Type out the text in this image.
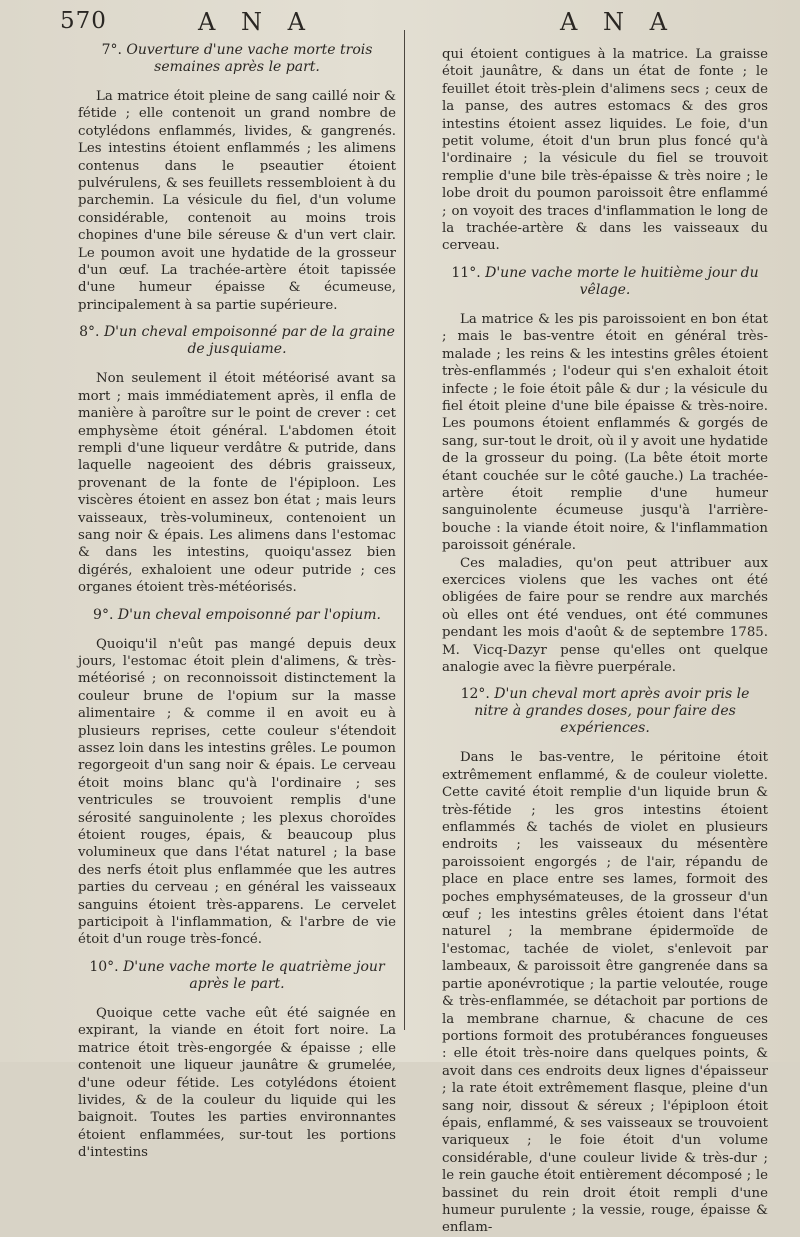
570	A N A	A N A
7°. Ouverture d'une vache morte trois semaines après le part.

La matrice étoit pleine de sang caillé noir & fétide ; elle contenoit un grand nombre de cotylédons enflammés, livides, & gangrenés. Les intestins étoient enflammés ; les alimens contenus dans le pseautier étoient pulvérulens, & ses feuillets ressembloient à du parchemin. La vésicule du fiel, d'un volume considérable, contenoit au moins trois chopines d'une bile séreuse & d'un vert clair. Le poumon avoit une hydatide de la grosseur d'un œuf. La trachée-artère étoit tapissée d'une humeur épaisse & écumeuse, principalement à sa partie supérieure.

8°. D'un cheval empoisonné par de la graine de jusquiame.

Non seulement il étoit météorisé avant sa mort ; mais immédiatement après, il enfla de manière à paroître sur le point de crever : cet emphysème étoit général. L'abdomen étoit rempli d'une liqueur verdâtre & putride, dans laquelle nageoient des débris graisseux, provenant de la fonte de l'épiploon. Les viscères étoient en assez bon état ; mais leurs vaisseaux, très-volumineux, contenoient un sang noir & épais. Les alimens dans l'estomac & dans les intestins, quoiqu'assez bien digérés, exhaloient une odeur putride ; ces organes étoient très-météorisés.

9°. D'un cheval empoisonné par l'opium.

Quoiqu'il n'eût pas mangé depuis deux jours, l'estomac étoit plein d'alimens, & très-météorisé ; on reconnoissoit distinctement la couleur brune de l'opium sur la masse alimentaire ; & comme il en avoit eu à plusieurs reprises, cette couleur s'étendoit assez loin dans les intestins grêles. Le poumon regorgeoit d'un sang noir & épais. Le cerveau étoit moins blanc qu'à l'ordinaire ; ses ventricules se trouvoient remplis d'une sérosité sanguinolente ; les plexus choroïdes étoient rouges, épais, & beaucoup plus volumineux que dans l'état naturel ; la base des nerfs étoit plus enflammée que les autres parties du cerveau ; en général les vaisseaux sanguins étoient très-apparens. Le cervelet participoit à l'inflammation, & l'arbre de vie étoit d'un rouge très-foncé.

10°. D'une vache morte le quatrième jour après le part.

Quoique cette vache eût été saignée en expirant, la viande en étoit fort noire. La matrice étoit très-engorgée & épaisse ; elle contenoit une liqueur jaunâtre & grumelée, d'une odeur fétide. Les cotylédons étoient livides, & de la couleur du liquide qui les baignoit. Toutes les parties environnantes étoient enflammées, sur-tout les portions d'intestins

qui étoient contigues à la matrice. La graisse étoit jaunâtre, & dans un état de fonte ; le feuillet étoit très-plein d'alimens secs ; ceux de la panse, des autres estomacs & des gros intestins étoient assez liquides. Le foie, d'un petit volume, étoit d'un brun plus foncé qu'à l'ordinaire ; la vésicule du fiel se trouvoit remplie d'une bile très-épaisse & très noire ; le lobe droit du poumon paroissoit être enflammé ; on voyoit des traces d'inflammation le long de la trachée-artère & dans les vaisseaux du cerveau.

11°. D'une vache morte le huitième jour du vêlage.

La matrice & les pis paroissoient en bon état ; mais le bas-ventre étoit en général très-malade ; les reins & les intestins grêles étoient très-enflammés ; l'odeur qui s'en exhaloit étoit infecte ; le foie étoit pâle & dur ; la vésicule du fiel étoit pleine d'une bile épaisse & très-noire. Les poumons étoient enflammés & gorgés de sang, sur-tout le droit, où il y avoit une hydatide de la grosseur du poing. (La bête étoit morte étant couchée sur le côté gauche.) La trachée-artère étoit remplie d'une humeur sanguinolente écumeuse jusqu'à l'arrière-bouche : la viande étoit noire, & l'inflammation paroissoit générale.

Ces maladies, qu'on peut attribuer aux exercices violens que les vaches ont été obligées de faire pour se rendre aux marchés où elles ont été vendues, ont été communes pendant les mois d'août & de septembre 1785. M. Vicq-Dazyr pense qu'elles ont quelque analogie avec la fièvre puerpérale.

12°. D'un cheval mort après avoir pris le nitre à grandes doses, pour faire des expériences.

Dans le bas-ventre, le péritoine étoit extrêmement enflammé, & de couleur violette. Cette cavité étoit remplie d'un liquide brun & très-fétide ; les gros intestins étoient enflammés & tachés de violet en plusieurs endroits ; les vaisseaux du mésentère paroissoient engorgés ; de l'air, répandu de place en place entre ses lames, formoit des poches emphysémateuses, de la grosseur d'un œuf ; les intestins grêles étoient dans l'état naturel ; la membrane épidermoïde de l'estomac, tachée de violet, s'enlevoit par lambeaux, & paroissoit être gangrenée dans sa partie aponévrotique ; la partie veloutée, rouge & très-enflammée, se détachoit par portions de la membrane charnue, & chacune de ces portions formoit des protubérances fongueuses : elle étoit très-noire dans quelques points, & avoit dans ces endroits deux lignes d'épaisseur ; la rate étoit extrêmement flasque, pleine d'un sang noir, dissout & séreux ; l'épiploon étoit épais, enflammé, & ses vaisseaux se trouvoient variqueux ; le foie étoit d'un volume considérable, d'une couleur livide & très-dur ; le rein gauche étoit entièrement décomposé ; le bassinet du rein droit étoit rempli d'une humeur purulente ; la vessie, rouge, épaisse & enflam-
